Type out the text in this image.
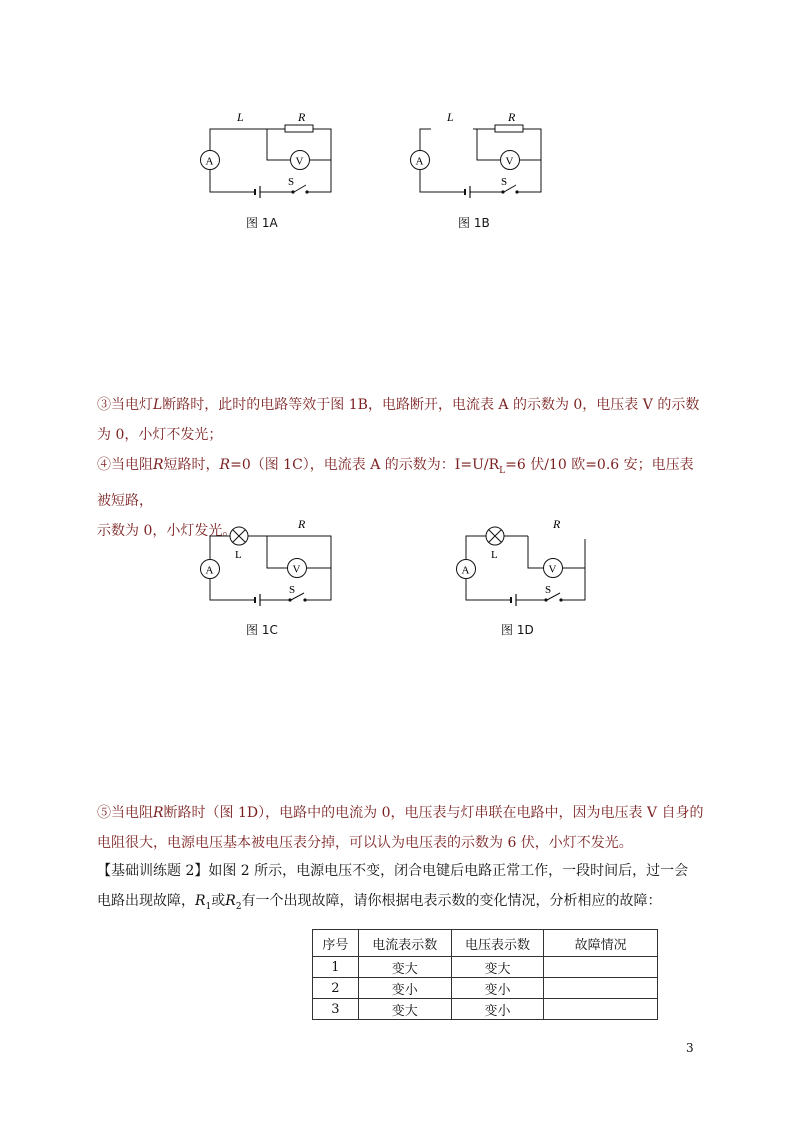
L	R
A	V
S
图 1A
L	R
A	V
S
图 1B
③当电灯L断路时，此时的电路等效于图 1B，电路断开，电流表 A 的示数为 0，电压表 V 的示数
为 0，小灯不发光；
④当电阻R短路时，R=0（图 1C），电流表 A 的示数为：$I=U/R_L=6$ 伏/10 欧=0.6 安；电压表被短路，
示数为 0，小灯发光。	R
L
A	V
S
图 1C
R
L
A	V
S
图 1D
⑤当电阻R断路时（图 1D），电路中的电流为 0，电压表与灯串联在电路中，因为电压表 V 自身的
电阻很大，电源电压基本被电压表分掉，可以认为电压表的示数为 6 伏，小灯不发光。
【基础训练题 2】如图 2 所示，电源电压不变，闭合电键后电路正常工作，一段时间后，过一会
电路出现故障，$R_1$或$R_2$有一个出现故障，请你根据电表示数的变化情况，分析相应的故障：
序号	电流表示数	电压表示数	故障情况
1	变大	变大	
2	变小	变小	
3	变大	变小	
3
